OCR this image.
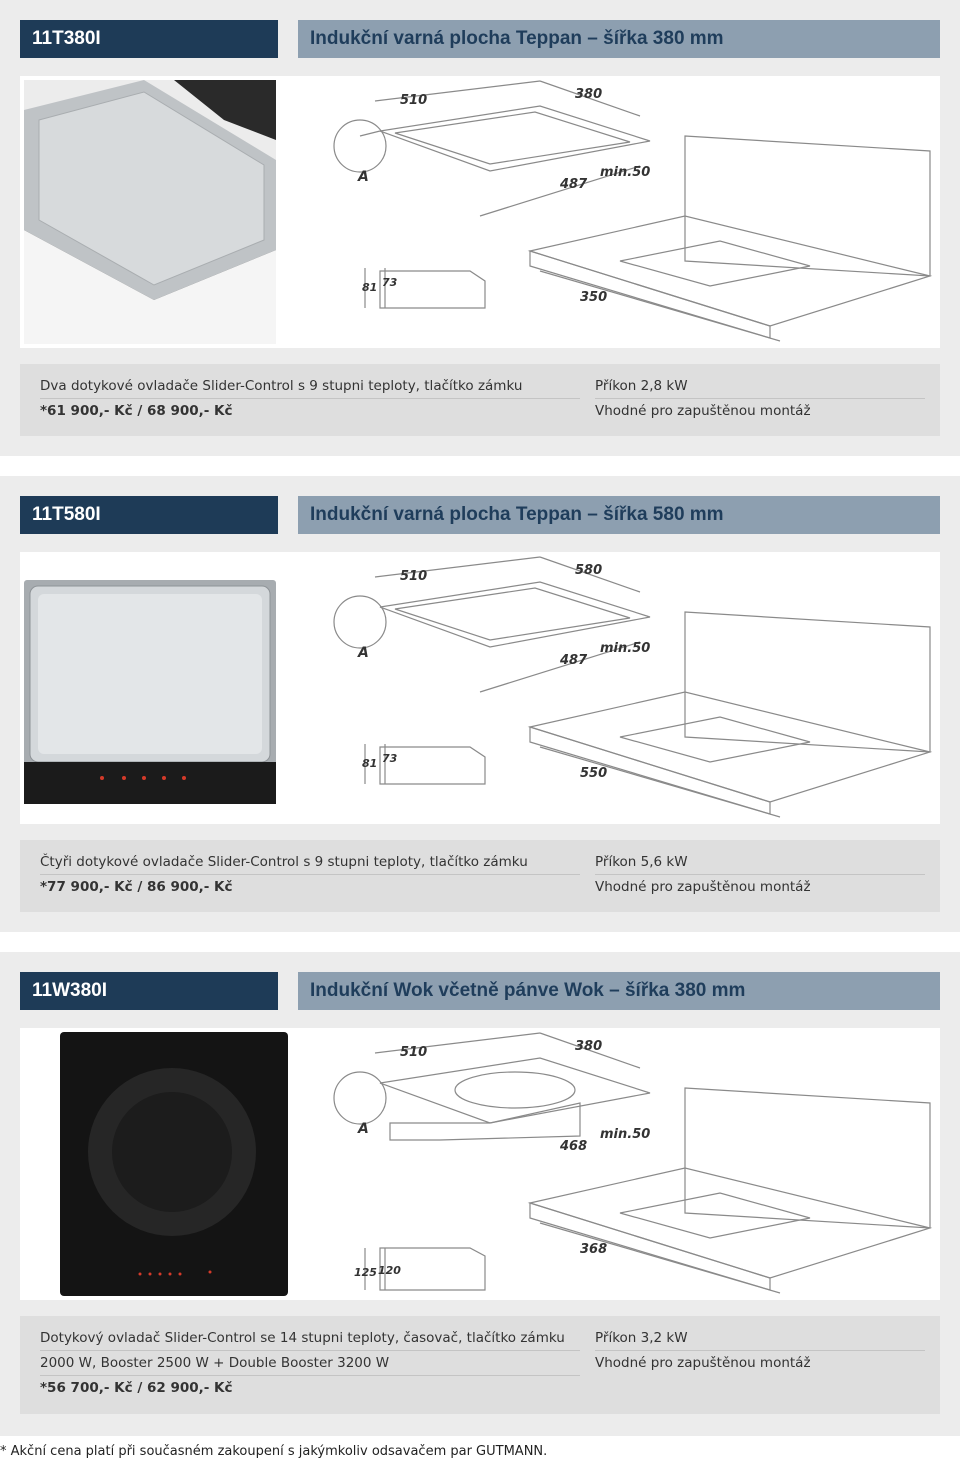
11T380I	Indukční varná plocha Teppan – šířka 380 mm
510	380
A	487
min.50
81 73
350
Dva dotykové ovladače Slider-Control s 9 stupni teploty, tlačítko zámku
*61 900,- Kč / 68 900,- Kč
Příkon 2,8 kW
Vhodné pro zapuštěnou montáž
11T580I	Indukční varná plocha Teppan – šířka 580 mm
510	580
A	487
min.50
81 73
550
Čtyři dotykové ovladače Slider-Control s 9 stupni teploty, tlačítko zámku
*77 900,- Kč / 86 900,- Kč
Příkon 5,6 kW
Vhodné pro zapuštěnou montáž
11W380I	Indukční Wok včetně pánve Wok – šířka 380 mm
510	380
A
468
min.50
125 120
368
Dotykový ovladač Slider-Control se 14 stupni teploty, časovač, tlačítko zámku
2000 W, Booster 2500 W + Double Booster 3200 W
*56 700,- Kč / 62 900,- Kč
Příkon 3,2 kW
Vhodné pro zapuštěnou montáž
* Akční cena platí při současném zakoupení s jakýmkoliv odsavačem par GUTMANN.
